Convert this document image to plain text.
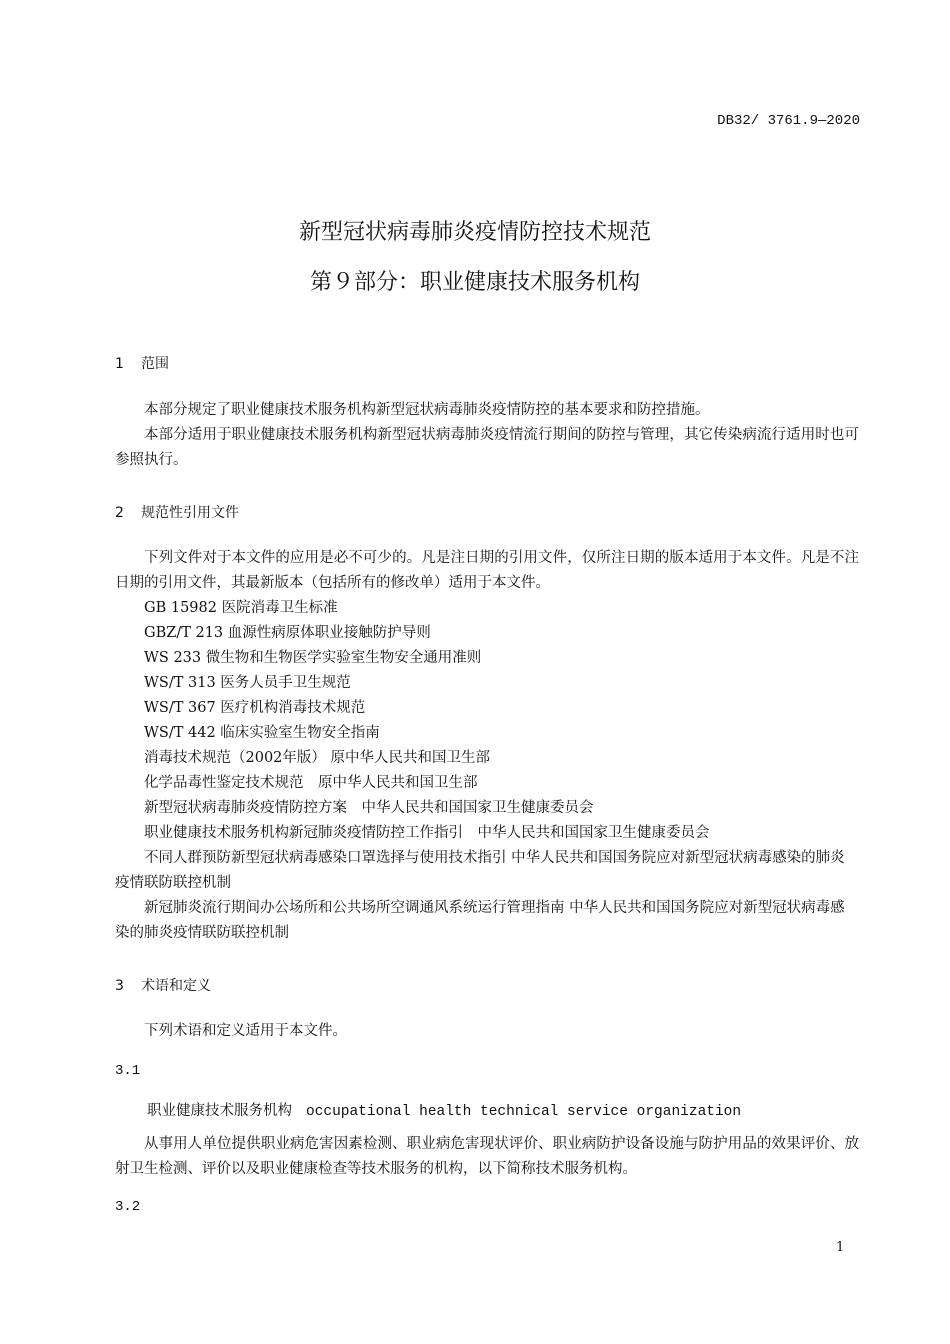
DB32/ 3761.9—2020
新型冠状病毒肺炎疫情防控技术规范
第９部分：职业健康技术服务机构
1 范围
本部分规定了职业健康技术服务机构新型冠状病毒肺炎疫情防控的基本要求和防控措施。
本部分适用于职业健康技术服务机构新型冠状病毒肺炎疫情流行期间的防控与管理，其它传染病流行适用时也可参照执行。
2 规范性引用文件
下列文件对于本文件的应用是必不可少的。凡是注日期的引用文件，仅所注日期的版本适用于本文件。凡是不注日期的引用文件，其最新版本（包括所有的修改单）适用于本文件。
GB 15982 医院消毒卫生标准
GBZ/T 213 血源性病原体职业接触防护导则
WS 233 微生物和生物医学实验室生物安全通用准则
WS/T 313 医务人员手卫生规范
WS/T 367 医疗机构消毒技术规范
WS/T 442 临床实验室生物安全指南
消毒技术规范（2002年版） 原中华人民共和国卫生部
化学品毒性鉴定技术规范　原中华人民共和国卫生部
新型冠状病毒肺炎疫情防控方案　中华人民共和国国家卫生健康委员会
职业健康技术服务机构新冠肺炎疫情防控工作指引　中华人民共和国国家卫生健康委员会
不同人群预防新型冠状病毒感染口罩选择与使用技术指引 中华人民共和国国务院应对新型冠状病毒感染的肺炎疫情联防联控机制
新冠肺炎流行期间办公场所和公共场所空调通风系统运行管理指南 中华人民共和国国务院应对新型冠状病毒感染的肺炎疫情联防联控机制
3 术语和定义
下列术语和定义适用于本文件。
3.1
职业健康技术服务机构 occupational health technical service organization
从事用人单位提供职业病危害因素检测、职业病危害现状评价、职业病防护设备设施与防护用品的效果评价、放射卫生检测、评价以及职业健康检查等技术服务的机构，以下简称技术服务机构。
3.2
1
